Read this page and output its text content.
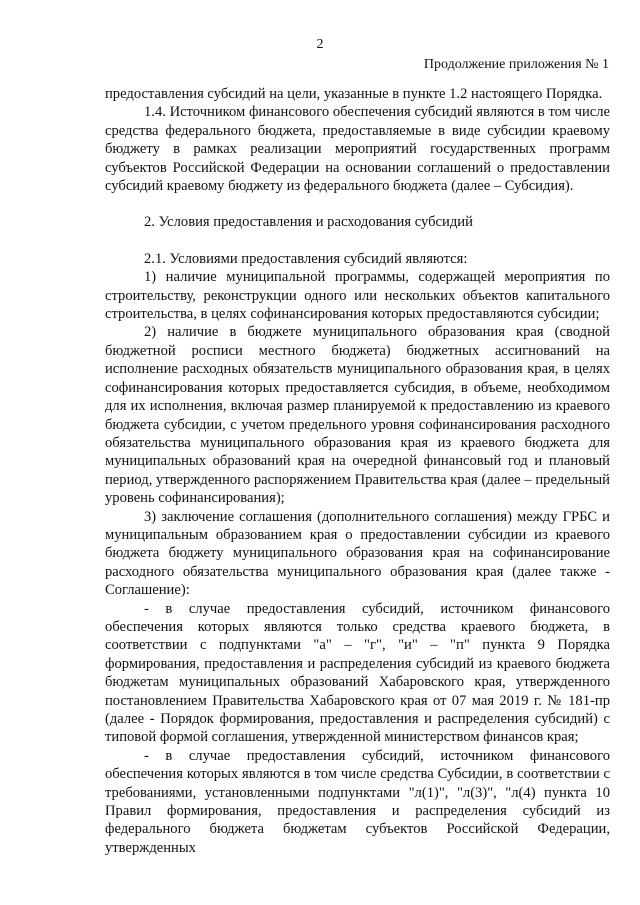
2
Продолжение приложения № 1

предоставления субсидий на цели, указанные в пункте 1.2 настоящего Порядка.

1.4. Источником финансового обеспечения субсидий являются в том числе средства федерального бюджета, предоставляемые в виде субсидии краевому бюджету в рамках реализации мероприятий государственных программ субъектов Российской Федерации на основании соглашений о предоставлении субсидий краевому бюджету из федерального бюджета (далее – Субсидия).

2. Условия предоставления и расходования субсидий

2.1. Условиями предоставления субсидий являются:

1) наличие муниципальной программы, содержащей мероприятия по строительству, реконструкции одного или нескольких объектов капитального строительства, в целях софинансирования которых предоставляются субсидии;

2) наличие в бюджете муниципального образования края (сводной бюджетной росписи местного бюджета) бюджетных ассигнований на исполнение расходных обязательств муниципального образования края, в целях софинансирования которых предоставляется субсидия, в объеме, необходимом для их исполнения, включая размер планируемой к предоставлению из краевого бюджета субсидии, с учетом предельного уровня софинансирования расходного обязательства муниципального образования края из краевого бюджета для муниципальных образований края на очередной финансовый год и плановый период, утвержденного распоряжением Правительства края (далее – предельный уровень софинансирования);

3) заключение соглашения (дополнительного соглашения) между ГРБС и муниципальным образованием края о предоставлении субсидии из краевого бюджета бюджету муниципального образования края на софинансирование расходного обязательства муниципального образования края (далее также - Соглашение):

- в случае предоставления субсидий, источником финансового обеспечения которых являются только средства краевого бюджета, в соответствии с подпунктами "а" – "г", "и" – "п" пункта 9 Порядка формирования, предоставления и распределения субсидий из краевого бюджета бюджетам муниципальных образований Хабаровского края, утвержденного постановлением Правительства Хабаровского края от 07 мая 2019 г. № 181-пр (далее - Порядок формирования, предоставления и распределения субсидий) с типовой формой соглашения, утвержденной министерством финансов края;

- в случае предоставления субсидий, источником финансового обеспечения которых являются в том числе средства Субсидии, в соответствии с требованиями, установленными подпунктами "л(1)", "л(3)", "л(4) пункта 10 Правил формирования, предоставления и распределения субсидий из федерального бюджета бюджетам субъектов Российской Федерации, утвержденных
